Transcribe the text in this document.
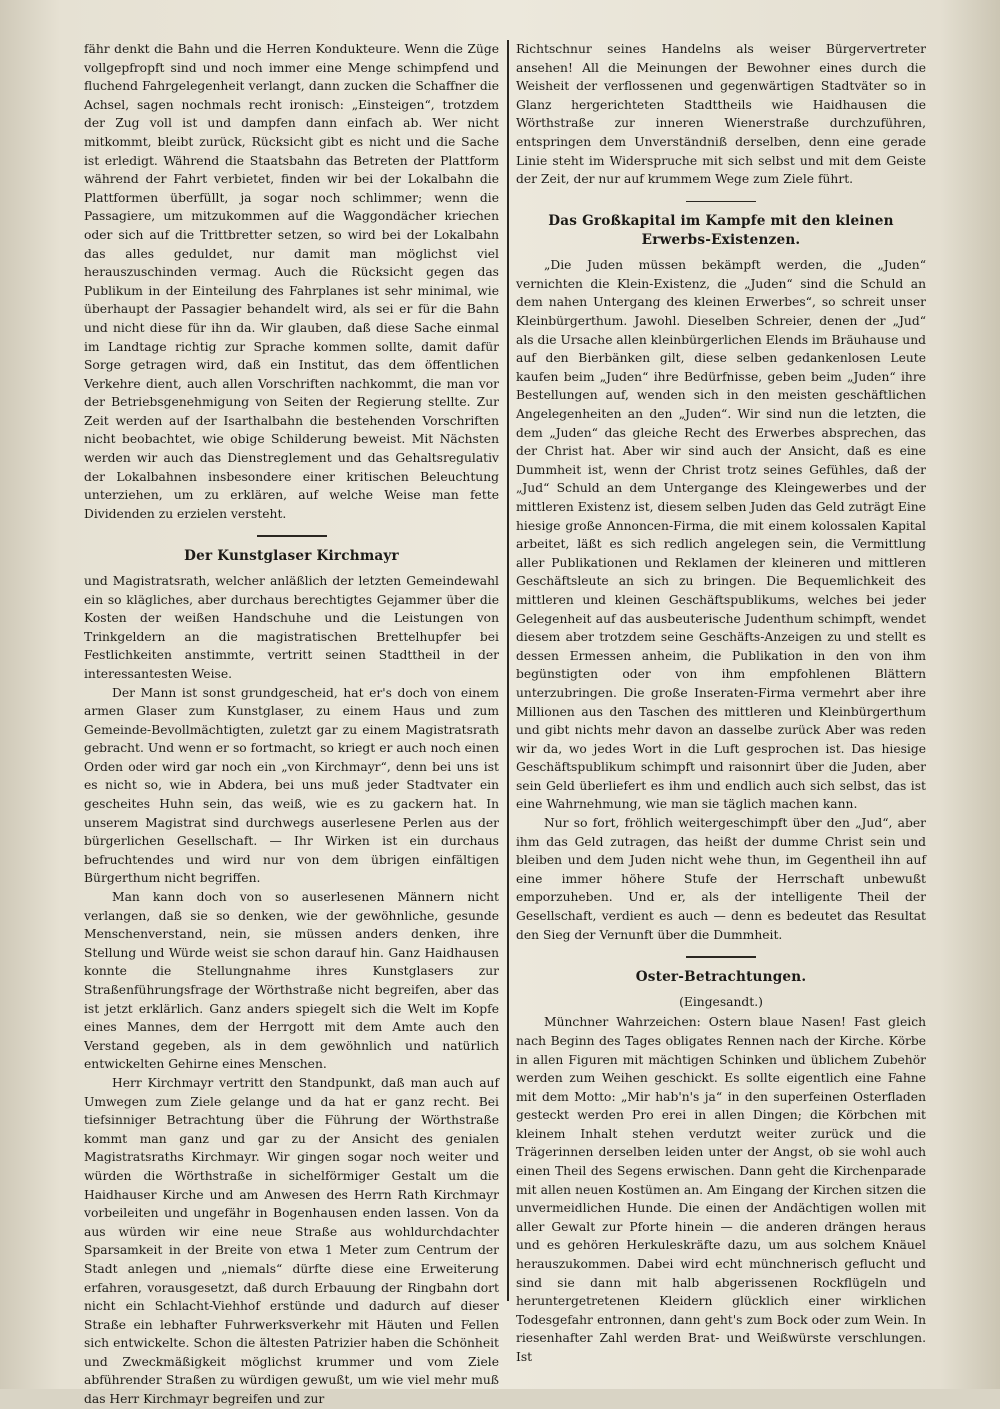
fähr denkt die Bahn und die Herren Kondukteure. Wenn die Züge vollgepfropft sind und noch immer eine Menge schimpfend und fluchend Fahrgelegenheit verlangt, dann zucken die Schaffner die Achsel, sagen nochmals recht ironisch: „Einsteigen“, trotzdem der Zug voll ist und dampfen dann einfach ab. Wer nicht mitkommt, bleibt zurück, Rücksicht gibt es nicht und die Sache ist erledigt. Während die Staatsbahn das Betreten der Plattform während der Fahrt verbietet, finden wir bei der Lokalbahn die Plattformen überfüllt, ja sogar noch schlimmer; wenn die Passagiere, um mitzukommen auf die Waggondächer kriechen oder sich auf die Trittbretter setzen, so wird bei der Lokalbahn das alles geduldet, nur damit man möglichst viel herauszuschinden vermag. Auch die Rücksicht gegen das Publikum in der Einteilung des Fahrplanes ist sehr minimal, wie überhaupt der Passagier behandelt wird, als sei er für die Bahn und nicht diese für ihn da. Wir glauben, daß diese Sache einmal im Landtage richtig zur Sprache kommen sollte, damit dafür Sorge getragen wird, daß ein Institut, das dem öffentlichen Verkehre dient, auch allen Vorschriften nachkommt, die man vor der Betriebsgenehmigung von Seiten der Regierung stellte. Zur Zeit werden auf der Isarthalbahn die bestehenden Vorschriften nicht beobachtet, wie obige Schilderung beweist. Mit Nächsten werden wir auch das Dienstreglement und das Gehaltsregulativ der Lokalbahnen insbesondere einer kritischen Beleuchtung unterziehen, um zu erklären, auf welche Weise man fette Dividenden zu erzielen versteht.

Der Kunstglaser Kirchmayr

und Magistratsrath, welcher anläßlich der letzten Gemeindewahl ein so klägliches, aber durchaus berechtigtes Gejammer über die Kosten der weißen Handschuhe und die Leistungen von Trinkgeldern an die magistratischen Brettelhupfer bei Festlichkeiten anstimmte, vertritt seinen Stadttheil in der interessantesten Weise.

Der Mann ist sonst grundgescheid, hat er's doch von einem armen Glaser zum Kunstglaser, zu einem Haus und zum Gemeinde-Bevollmächtigten, zuletzt gar zu einem Magistratsrath gebracht. Und wenn er so fortmacht, so kriegt er auch noch einen Orden oder wird gar noch ein „von Kirchmayr“, denn bei uns ist es nicht so, wie in Abdera, bei uns muß jeder Stadtvater ein gescheites Huhn sein, das weiß, wie es zu gackern hat. In unserem Magistrat sind durchwegs auserlesene Perlen aus der bürgerlichen Gesellschaft. — Ihr Wirken ist ein durchaus befruchtendes und wird nur von dem übrigen einfältigen Bürgerthum nicht begriffen.

Man kann doch von so auserlesenen Männern nicht verlangen, daß sie so denken, wie der gewöhnliche, gesunde Menschenverstand, nein, sie müssen anders denken, ihre Stellung und Würde weist sie schon darauf hin. Ganz Haidhausen konnte die Stellungnahme ihres Kunstglasers zur Straßenführungsfrage der Wörthstraße nicht begreifen, aber das ist jetzt erklärlich. Ganz anders spiegelt sich die Welt im Kopfe eines Mannes, dem der Herrgott mit dem Amte auch den Verstand gegeben, als in dem gewöhnlich und natürlich entwickelten Gehirne eines Menschen.

Herr Kirchmayr vertritt den Standpunkt, daß man auch auf Umwegen zum Ziele gelange und da hat er ganz recht. Bei tiefsinniger Betrachtung über die Führung der Wörthstraße kommt man ganz und gar zu der Ansicht des genialen Magistratsraths Kirchmayr. Wir gingen sogar noch weiter und würden die Wörthstraße in sichelförmiger Gestalt um die Haidhauser Kirche und am Anwesen des Herrn Rath Kirchmayr vorbeileiten und ungefähr in Bogenhausen enden lassen. Von da aus würden wir eine neue Straße aus wohldurchdachter Sparsamkeit in der Breite von etwa 1 Meter zum Centrum der Stadt anlegen und „niemals“ dürfte diese eine Erweiterung erfahren, vorausgesetzt, daß durch Erbauung der Ringbahn dort nicht ein Schlacht-Viehhof erstünde und dadurch auf dieser Straße ein lebhafter Fuhrwerksverkehr mit Häuten und Fellen sich entwickelte. Schon die ältesten Patrizier haben die Schönheit und Zweckmäßigkeit möglichst krummer und vom Ziele abführender Straßen zu würdigen gewußt, um wie viel mehr muß das Herr Kirchmayr begreifen und zur

Richtschnur seines Handelns als weiser Bürgervertreter ansehen! All die Meinungen der Bewohner eines durch die Weisheit der verflossenen und gegenwärtigen Stadtväter so in Glanz hergerichteten Stadttheils wie Haidhausen die Wörthstraße zur inneren Wienerstraße durchzuführen, entspringen dem Unverständniß derselben, denn eine gerade Linie steht im Widerspruche mit sich selbst und mit dem Geiste der Zeit, der nur auf krummem Wege zum Ziele führt.

Das Großkapital im Kampfe mit den kleinen Erwerbs-Existenzen.

„Die Juden müssen bekämpft werden, die „Juden“ vernichten die Klein-Existenz, die „Juden“ sind die Schuld an dem nahen Untergang des kleinen Erwerbes“, so schreit unser Kleinbürgerthum. Jawohl. Dieselben Schreier, denen der „Jud“ als die Ursache allen kleinbürgerlichen Elends im Bräuhause und auf den Bierbänken gilt, diese selben gedankenlosen Leute kaufen beim „Juden“ ihre Bedürfnisse, geben beim „Juden“ ihre Bestellungen auf, wenden sich in den meisten geschäftlichen Angelegenheiten an den „Juden“. Wir sind nun die letzten, die dem „Juden“ das gleiche Recht des Erwerbes absprechen, das der Christ hat. Aber wir sind auch der Ansicht, daß es eine Dummheit ist, wenn der Christ trotz seines Gefühles, daß der „Jud“ Schuld an dem Untergange des Kleingewerbes und der mittleren Existenz ist, diesem selben Juden das Geld zuträgt Eine hiesige große Annoncen-Firma, die mit einem kolossalen Kapital arbeitet, läßt es sich redlich angelegen sein, die Vermittlung aller Publikationen und Reklamen der kleineren und mittleren Geschäftsleute an sich zu bringen. Die Bequemlichkeit des mittleren und kleinen Geschäftspublikums, welches bei jeder Gelegenheit auf das ausbeuterische Judenthum schimpft, wendet diesem aber trotzdem seine Geschäfts-Anzeigen zu und stellt es dessen Ermessen anheim, die Publikation in den von ihm begünstigten oder von ihm empfohlenen Blättern unterzubringen. Die große Inseraten-Firma vermehrt aber ihre Millionen aus den Taschen des mittleren und Kleinbürgerthum und gibt nichts mehr davon an dasselbe zurück Aber was reden wir da, wo jedes Wort in die Luft gesprochen ist. Das hiesige Geschäftspublikum schimpft und raisonnirt über die Juden, aber sein Geld überliefert es ihm und endlich auch sich selbst, das ist eine Wahrnehmung, wie man sie täglich machen kann.

Nur so fort, fröhlich weitergeschimpft über den „Jud“, aber ihm das Geld zutragen, das heißt der dumme Christ sein und bleiben und dem Juden nicht wehe thun, im Gegentheil ihn auf eine immer höhere Stufe der Herrschaft unbewußt emporzuheben. Und er, als der intelligente Theil der Gesellschaft, verdient es auch — denn es bedeutet das Resultat den Sieg der Vernunft über die Dummheit.

Oster-Betrachtungen.
(Eingesandt.)

Münchner Wahrzeichen: Ostern blaue Nasen! Fast gleich nach Beginn des Tages obligates Rennen nach der Kirche. Körbe in allen Figuren mit mächtigen Schinken und üblichem Zubehör werden zum Weihen geschickt. Es sollte eigentlich eine Fahne mit dem Motto: „Mir hab'n's ja“ in den superfeinen Osterfladen gesteckt werden Pro erei in allen Dingen; die Körbchen mit kleinem Inhalt stehen verdutzt weiter zurück und die Trägerinnen derselben leiden unter der Angst, ob sie wohl auch einen Theil des Segens erwischen. Dann geht die Kirchenparade mit allen neuen Kostümen an. Am Eingang der Kirchen sitzen die unvermeidlichen Hunde. Die einen der Andächtigen wollen mit aller Gewalt zur Pforte hinein — die anderen drängen heraus und es gehören Herkuleskräfte dazu, um aus solchem Knäuel herauszukommen. Dabei wird echt münchnerisch geflucht und sind sie dann mit halb abgerissenen Rockflügeln und heruntergetretenen Kleidern glücklich einer wirklichen Todesgefahr entronnen, dann geht's zum Bock oder zum Wein. In riesenhafter Zahl werden Brat- und Weißwürste verschlungen. Ist
